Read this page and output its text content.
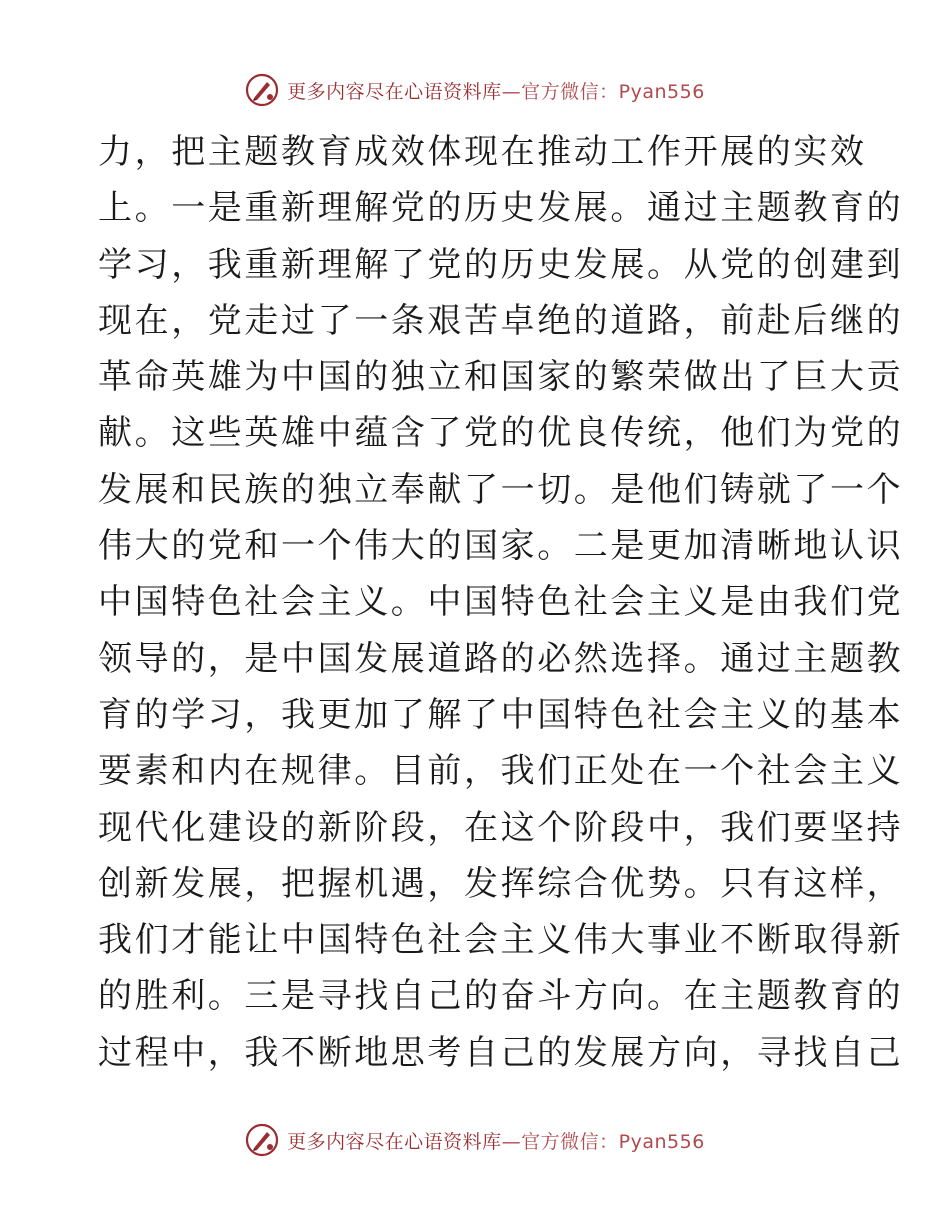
更多内容尽在心语资料库—官方微信：Pyan556
力，把主题教育成效体现在推动工作开展的实效
上。一是重新理解党的历史发展。通过主题教育的
学习，我重新理解了党的历史发展。从党的创建到
现在，党走过了一条艰苦卓绝的道路，前赴后继的
革命英雄为中国的独立和国家的繁荣做出了巨大贡
献。这些英雄中蕴含了党的优良传统，他们为党的
发展和民族的独立奉献了一切。是他们铸就了一个
伟大的党和一个伟大的国家。二是更加清晰地认识
中国特色社会主义。中国特色社会主义是由我们党
领导的，是中国发展道路的必然选择。通过主题教
育的学习，我更加了解了中国特色社会主义的基本
要素和内在规律。目前，我们正处在一个社会主义
现代化建设的新阶段，在这个阶段中，我们要坚持
创新发展，把握机遇，发挥综合优势。只有这样，
我们才能让中国特色社会主义伟大事业不断取得新
的胜利。三是寻找自己的奋斗方向。在主题教育的
过程中，我不断地思考自己的发展方向，寻找自己
更多内容尽在心语资料库—官方微信：Pyan556
